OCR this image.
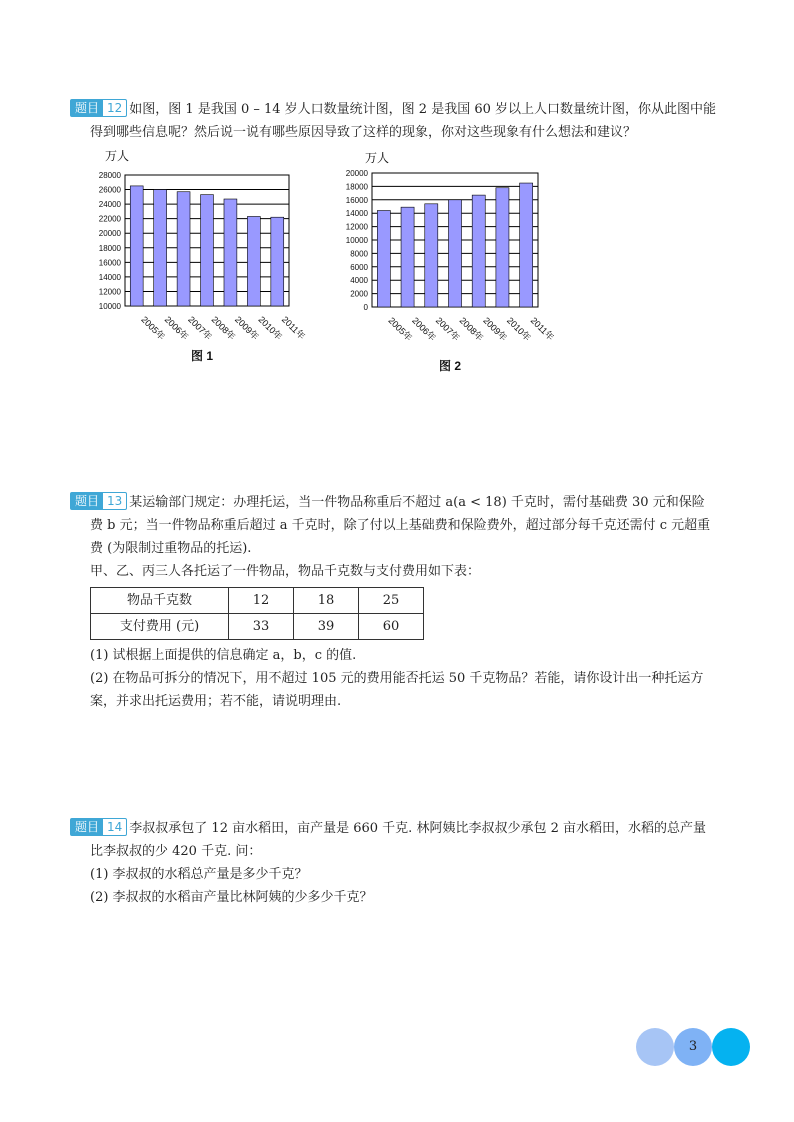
题目 12 如图，图 1 是我国 0 – 14 岁人口数量统计图，图 2 是我国 60 岁以上人口数量统计图，你从此图中能

得到哪些信息呢？然后说一说有哪些原因导致了这样的现象，你对这些现象有什么想法和建议？

万人
10000
12000
14000
16000
18000
20000
22000
24000
26000
28000
2005年
2006年
2007年
2008年
2009年
2010年
2011年
图 1
万人
0
2000
4000
6000
8000
10000
12000
14000
16000
18000
20000
2005年
2006年
2007年
2008年
2009年
2010年
2011年
图 2

题目 13 某运输部门规定：办理托运，当一件物品称重后不超过 a(a < 18) 千克时，需付基础费 30 元和保险

费 b 元；当一件物品称重后超过 a 千克时，除了付以上基础费和保险费外，超过部分每千克还需付 c 元超重

费 (为限制过重物品的托运).

甲、乙、丙三人各托运了一件物品，物品千克数与支付费用如下表：

物品千克数	12	18	25
支付费用 (元)	33	39	60

(1) 试根据上面提供的信息确定 a，b，c 的值.

(2) 在物品可拆分的情况下，用不超过 105 元的费用能否托运 50 千克物品？若能，请你设计出一种托运方

案，并求出托运费用；若不能，请说明理由.

题目 14 李叔叔承包了 12 亩水稻田，亩产量是 660 千克. 林阿姨比李叔叔少承包 2 亩水稻田，水稻的总产量

比李叔叔的少 420 千克. 问：

(1) 李叔叔的水稻总产量是多少千克？

(2) 李叔叔的水稻亩产量比林阿姨的少多少千克？

3
